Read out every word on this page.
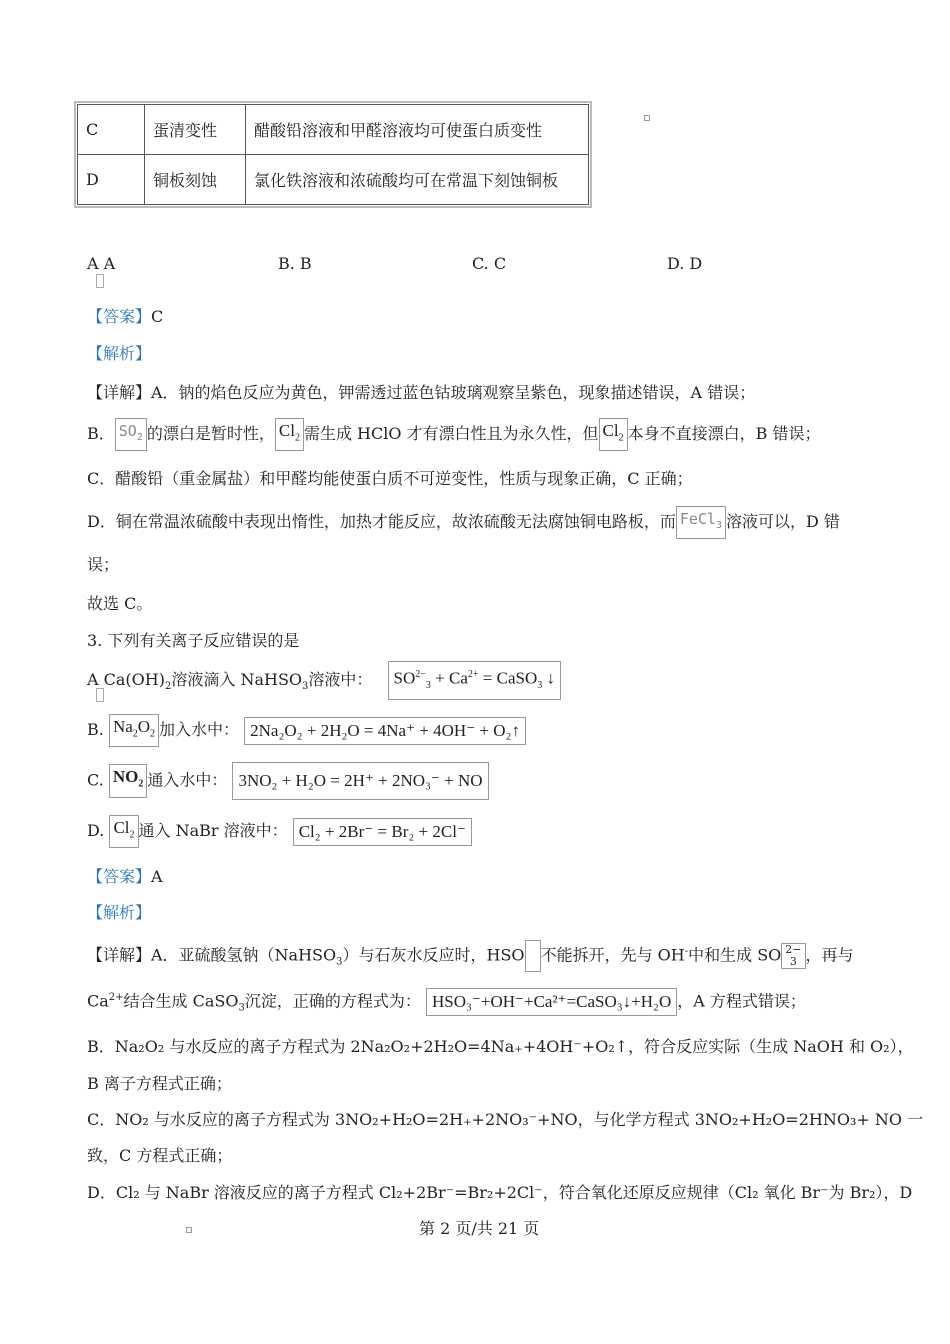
C	蛋清变性	醋酸铅溶液和甲醛溶液均可使蛋白质变性
D	铜板刻蚀	氯化铁溶液和浓硫酸均可在常温下刻蚀铜板
A A	B. B	C. C	D. D
【答案】C
【解析】
【详解】A．钠的焰色反应为黄色，钾需透过蓝色钴玻璃观察呈紫色，现象描述错误，A 错误；
B． $SO_2$ 的漂白是暂时性， $Cl_2$ 需生成 HClO 才有漂白性且为永久性，但 $Cl_2$ 本身不直接漂白，B 错误；
C．醋酸铅（重金属盐）和甲醛均能使蛋白质不可逆变性，性质与现象正确，C 正确；
D．铜在常温浓硫酸中表现出惰性，加热才能反应，故浓硫酸无法腐蚀铜电路板，而 FeCl$_3$ 溶液可以，D 错
误；
故选 C。
3. 下列有关离子反应错误的是
A $Ca(OH)_2$溶液滴入 NaHSO$_3$溶液中： $SO^{2-}_3 + Ca^{2+}$ = CaSO$_3$ ↓
B. $Na_2O_2$ 加入水中： 2Na₂O₂ + 2H₂O = 4Na⁺ + 4OH⁻ + O₂↑
C. $NO_2$ 通入水中： 3NO₂ + H₂O = 2H⁺ + 2NO₃⁻ + NO
D. $Cl_2$ 通入 NaBr 溶液中： Cl₂ + 2Br⁻ = Br₂ + 2Cl⁻
【答案】A
【解析】
【详解】A．亚硫酸氢钠（NaHSO$_3$）与石灰水反应时，HSO 不能拆开，先与 OH-中和生成 SO 2−
3 ，再与
$Ca^{2+}$结合生成 CaSO$_3$沉淀，正确的方程式为： HSO₃⁻+OH⁻+Ca²⁺=CaSO₃↓+H₂O ，A 方程式错误；
B．Na₂O₂ 与水反应的离子方程式为 2Na₂O₂+2H₂O=4Na₊+4OH⁻+O₂↑，符合反应实际（生成 NaOH 和 O₂），
B 离子方程式正确；
C．NO₂ 与水反应的离子方程式为 3NO₂+H₂O=2H₊+2NO₃⁻+NO，与化学方程式 3NO₂+H₂O=2HNO₃+ NO 一
致，C 方程式正确；
D．Cl₂ 与 NaBr 溶液反应的离子方程式 Cl₂+2Br⁻=Br₂+2Cl⁻，符合氧化还原反应规律（Cl₂ 氧化 Br⁻为 Br₂），D
第 2 页/共 21 页
